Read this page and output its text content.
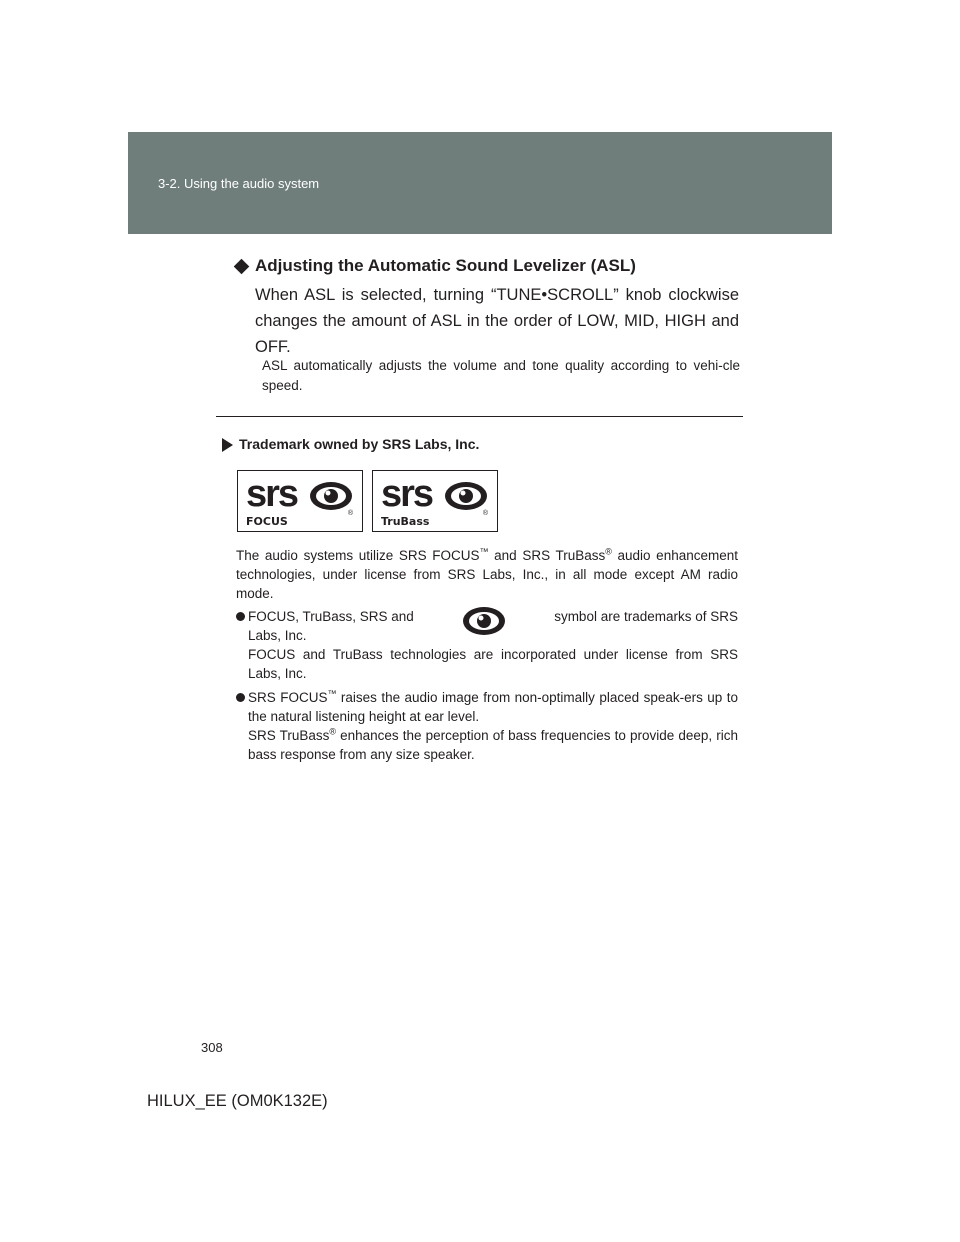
3-2. Using the audio system
Adjusting the Automatic Sound Levelizer (ASL)
When ASL is selected, turning “TUNE•SCROLL” knob clockwise changes the amount of ASL in the order of LOW, MID, HIGH and OFF.
ASL automatically adjusts the volume and tone quality according to vehi-cle speed.
Trademark owned by SRS Labs, Inc.
srs	®
FOCUS
srs	®
TruBass
The audio systems utilize SRS FOCUS™ and SRS TruBass® audio enhancement technologies, under license from SRS Labs, Inc., in all mode except AM radio mode.
FOCUS, TruBass, SRS and	symbol are trademarks of SRS
Labs, Inc.
FOCUS and TruBass technologies are incorporated under license from SRS Labs, Inc.
SRS FOCUS™ raises the audio image from non-optimally placed speak-ers up to the natural listening height at ear level.
SRS TruBass® enhances the perception of bass frequencies to provide deep, rich bass response from any size speaker.
308
HILUX_EE (OM0K132E)
